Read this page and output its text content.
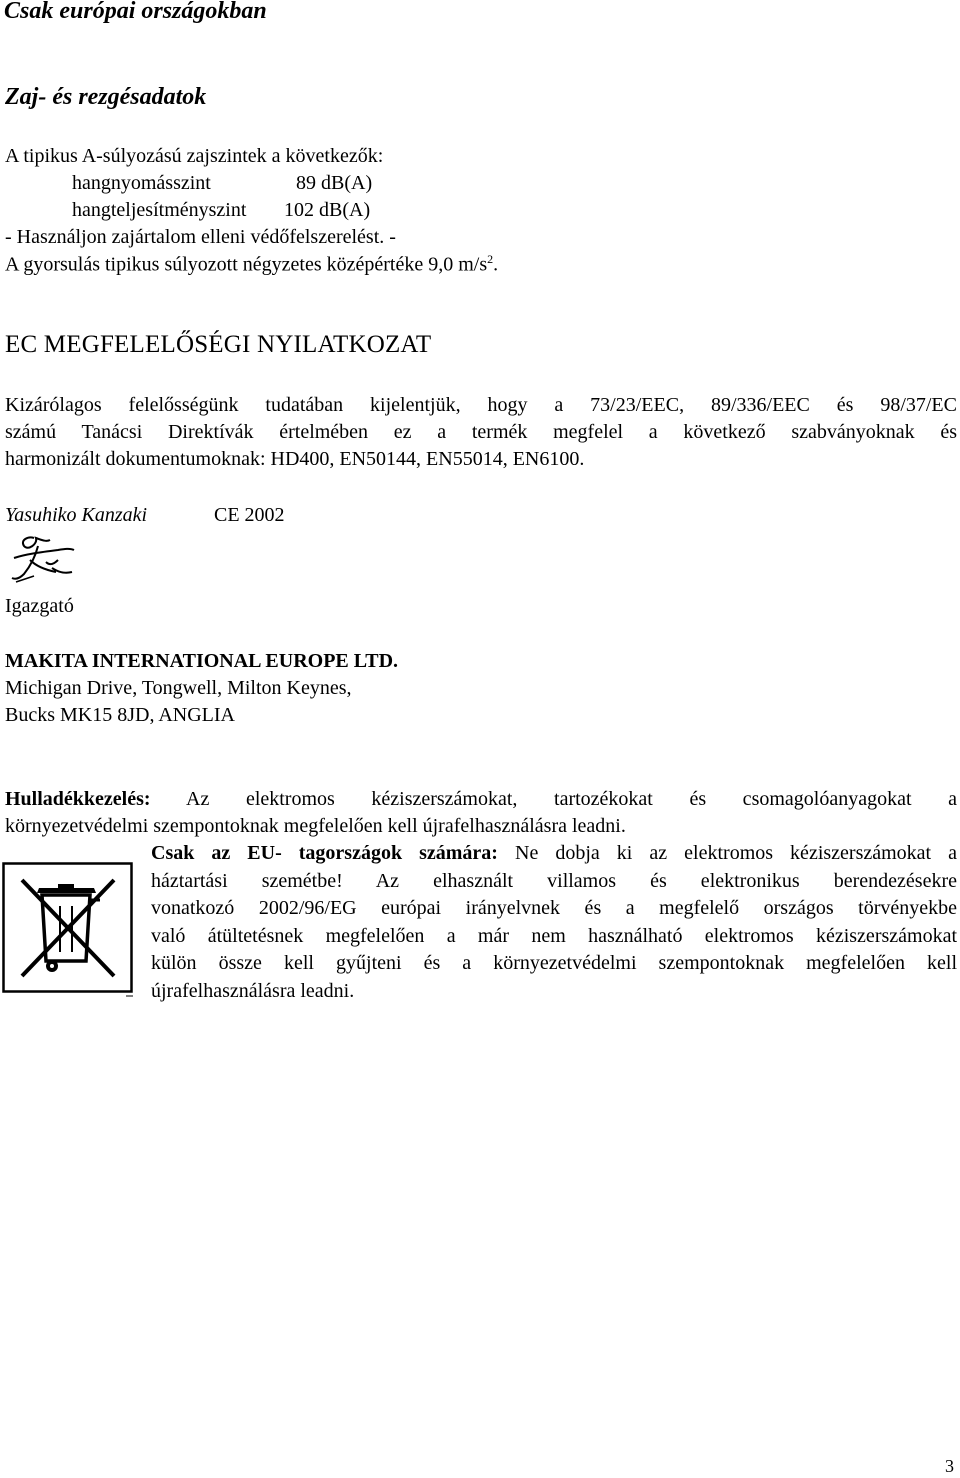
Csak európai országokban
Zaj- és rezgésadatok
A tipikus A-súlyozású zajszintek a következők:
hangnyomásszint	89 dB(A)
hangteljesítményszint 102 dB(A)
- Használjon zajártalom elleni védőfelszerelést. -
A gyorsulás tipikus súlyozott négyzetes középértéke 9,0 $m/s^2$.
EC MEGFELELŐSÉGI NYILATKOZAT
Kizárólagos felelősségünk tudatában kijelentjük, hogy a 73/23/EEC, 89/336/EEC és 98/37/EC
számú Tanácsi Direktívák értelmében ez a termék megfelel a következő szabványoknak és
harmonizált dokumentumoknak: HD400, EN50144, EN55014, EN6100.
Yasuhiko Kanzaki	CE 2002
Igazgató
MAKITA INTERNATIONAL EUROPE LTD.
Michigan Drive, Tongwell, Milton Keynes,
Bucks MK15 8JD, ANGLIA
Hulladékkezelés: Az elektromos kéziszerszámokat, tartozékokat és csomagolóanyagokat a
környezetvédelmi szempontoknak megfelelően kell újrafelhasználásra leadni.
Csak az EU- tagországok számára: Ne dobja ki az elektromos kéziszerszámokat a
háztartási szemétbe! Az elhasznált villamos és elektronikus berendezésekre
vonatkozó 2002/96/EG európai irányelvnek és a megfelelő országos törvényekbe
való átültetésnek megfelelően a már nem használható elektromos kéziszerszámokat
külön össze kell gyűjteni és a környezetvédelmi szempontoknak megfelelően kell
újrafelhasználásra leadni.
3
